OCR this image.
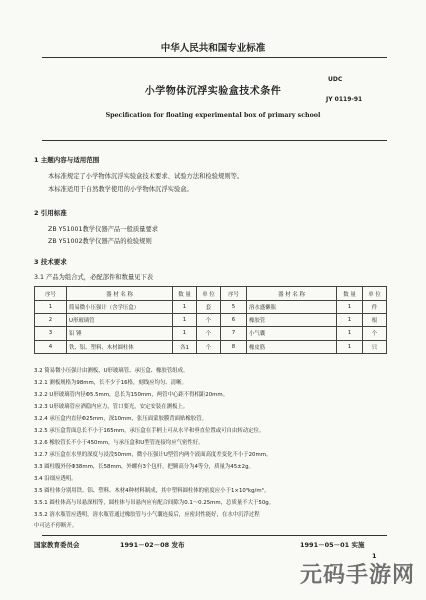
中华人民共和国专业标准
UDC
小学物体沉浮实验盒技术条件
JY 0119-91
Specification for floating experimental box of primary school
1 主题内容与适用范围
本标准规定了小学物体沉浮实验盒技术要求、试验方法和检验规则等。
本标准适用于自然教学使用的小学物体沉浮实验盒。
2 引用标准
ZB Y51001教学仪器产品一般质量要求
ZB Y51002教学仪器产品的检验规则
3 技术要求
3.1 产品为组合式，必配部件和数量见下表
序号	器 材 名 称	数 量	单 位	序号	器 材 名 称	数 量	单 位
1	简易微小压强计（含学压盒）	1	套	5	溶水盛懒瓶	1	件
2	U形玻璃管	1	个	6	橡胶管	1	根
3	铅 锤	1	个	7	小气囊	1	个
4	铁、铝、塑料、木材圆柱体	各1	个	8	橡皮筋	1	只
3.2 简易微小压强计由测板、U形玻璃管、承压盒、橡胶管组成。
3.2.1 测板规格为98mm，长不少于16格，刻线应均匀、清晰。
3.2.2 U形玻璃管内径Φ5.5mm，总长为150mm，两管中心距不得相距20mm。
3.2.3 U形玻璃管应酒稳内应力，管口要光，安定安装在测板上。
3.2.4 承压盒内直径Φ25mm，深10mm，张压面蒙胶膜背面贴橡胶管。
3.2.5 承压盒背面总长不小于165mm，承压盒在手柄上可从水平和垂直位置或可自由转动定位。
3.2.6 橡胶管长不小于450mm，与承压盒和U型管连接均应气密性好。
3.2.7 承压盒在水里的深度与浸没50mm，微小压强计U型管内两个液面高度差变化不小于20mm。
3.3 圆柱腹外径Φ38mm，长58mm，外螺有3个包杆，把腾高分为4等分，质量为45±2g。
3.4 沿细应透明。
3.5 圆柱体分别用铁、铝、塑料、木材4种材料制成，其中塑料圆柱体的密度应小于1×10³kg/m³。
3.5.1 圆柱体高与吊悬深相等，圆柱体与吊悬内应有配合间隙为0.1～0.25mm，总质量不大于50g。
3.5.2 溶水瓶管应透明，溶水瓶管通过橡胶管与小气囊连接后，应密封性能好，在水中沉浮过程
中可达不停断开。
国家教育委员会	1991－02－08 发布	1991－05－01 实施
1
元码手游网
